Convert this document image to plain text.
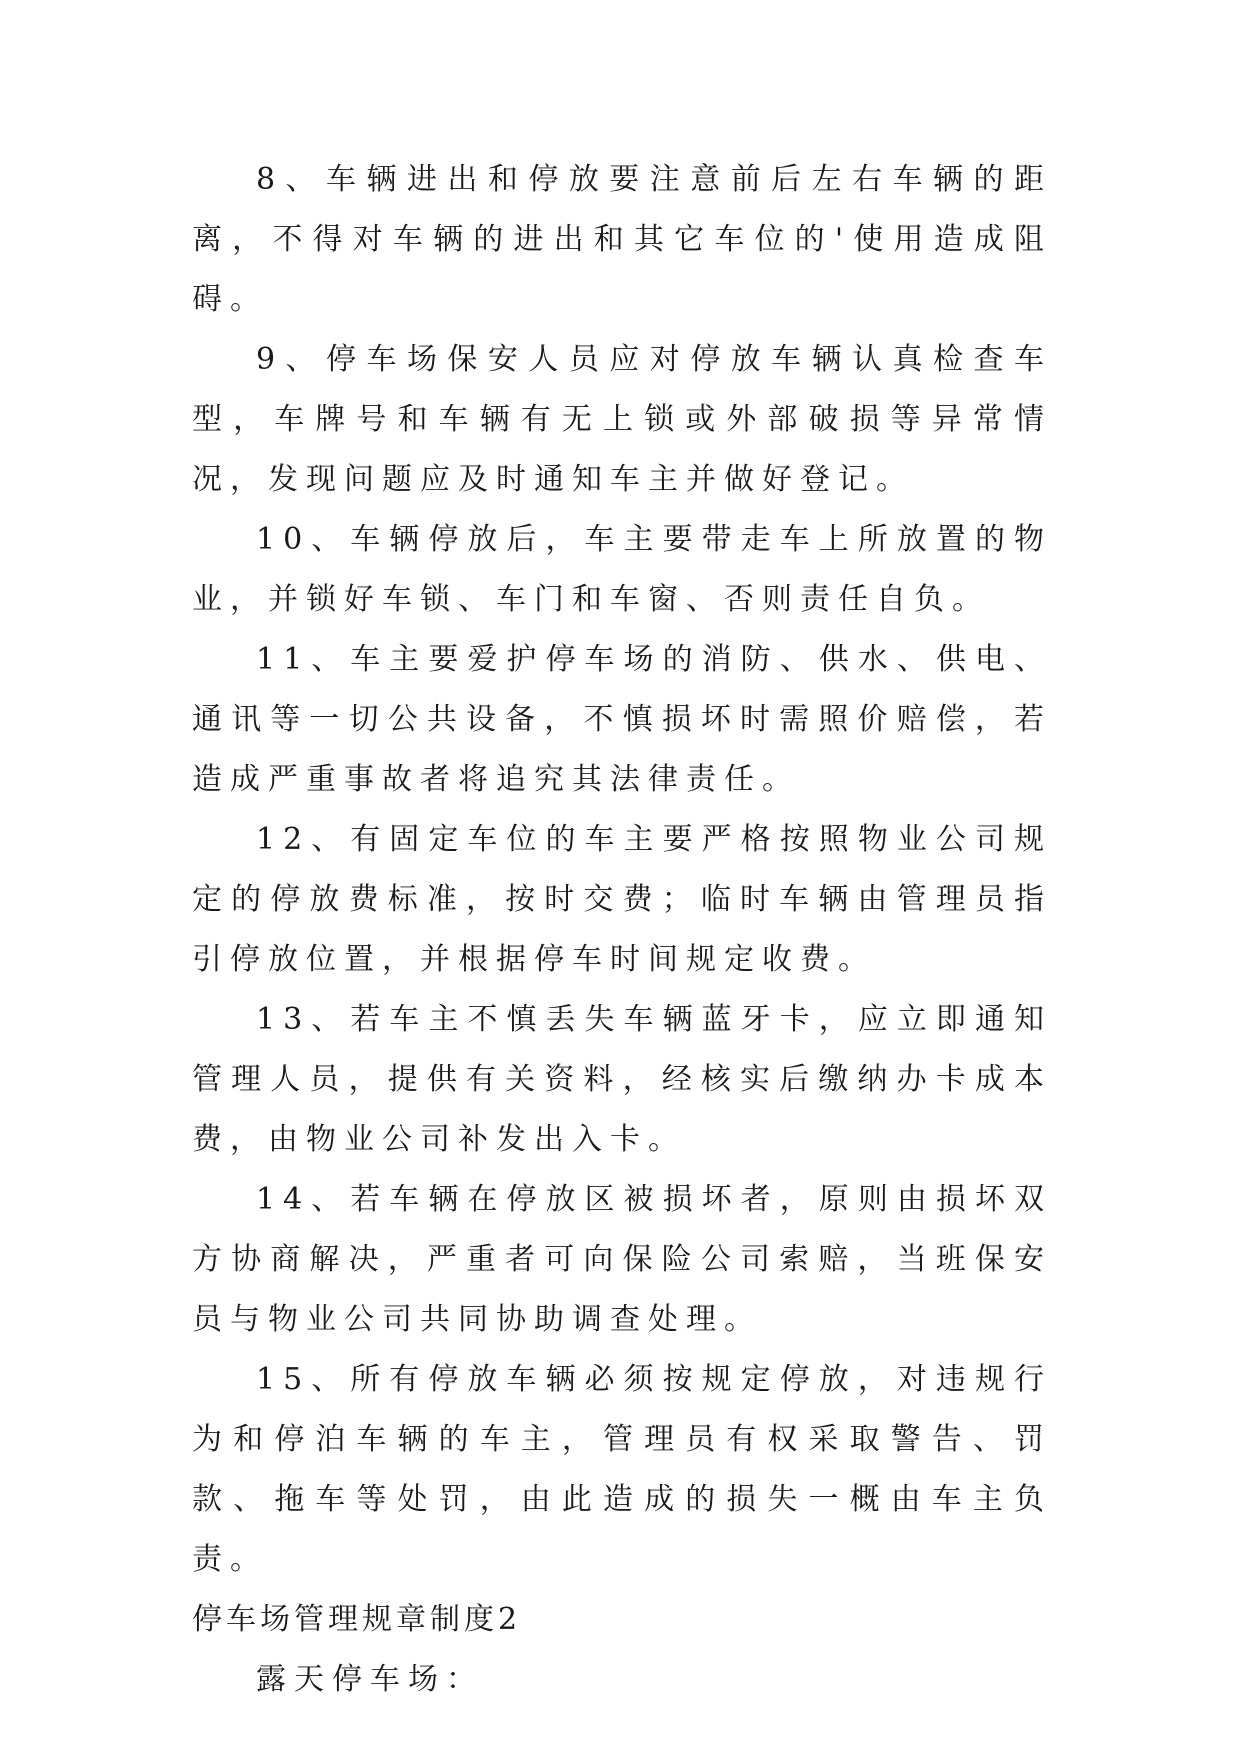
8、车辆进出和停放要注意前后左右车辆的距离，不得对车辆的进出和其它车位的'使用造成阻碍。

9、停车场保安人员应对停放车辆认真检查车型，车牌号和车辆有无上锁或外部破损等异常情况，发现问题应及时通知车主并做好登记。

10、车辆停放后，车主要带走车上所放置的物业，并锁好车锁、车门和车窗、否则责任自负。

11、车主要爱护停车场的消防、供水、供电、通讯等一切公共设备，不慎损坏时需照价赔偿，若造成严重事故者将追究其法律责任。

12、有固定车位的车主要严格按照物业公司规定的停放费标准，按时交费；临时车辆由管理员指引停放位置，并根据停车时间规定收费。

13、若车主不慎丢失车辆蓝牙卡，应立即通知管理人员，提供有关资料，经核实后缴纳办卡成本费，由物业公司补发出入卡。

14、若车辆在停放区被损坏者，原则由损坏双方协商解决，严重者可向保险公司索赔，当班保安员与物业公司共同协助调查处理。

15、所有停放车辆必须按规定停放，对违规行为和停泊车辆的车主，管理员有权采取警告、罚款、拖车等处罚，由此造成的损失一概由车主负责。

停车场管理规章制度2

露天停车场：
